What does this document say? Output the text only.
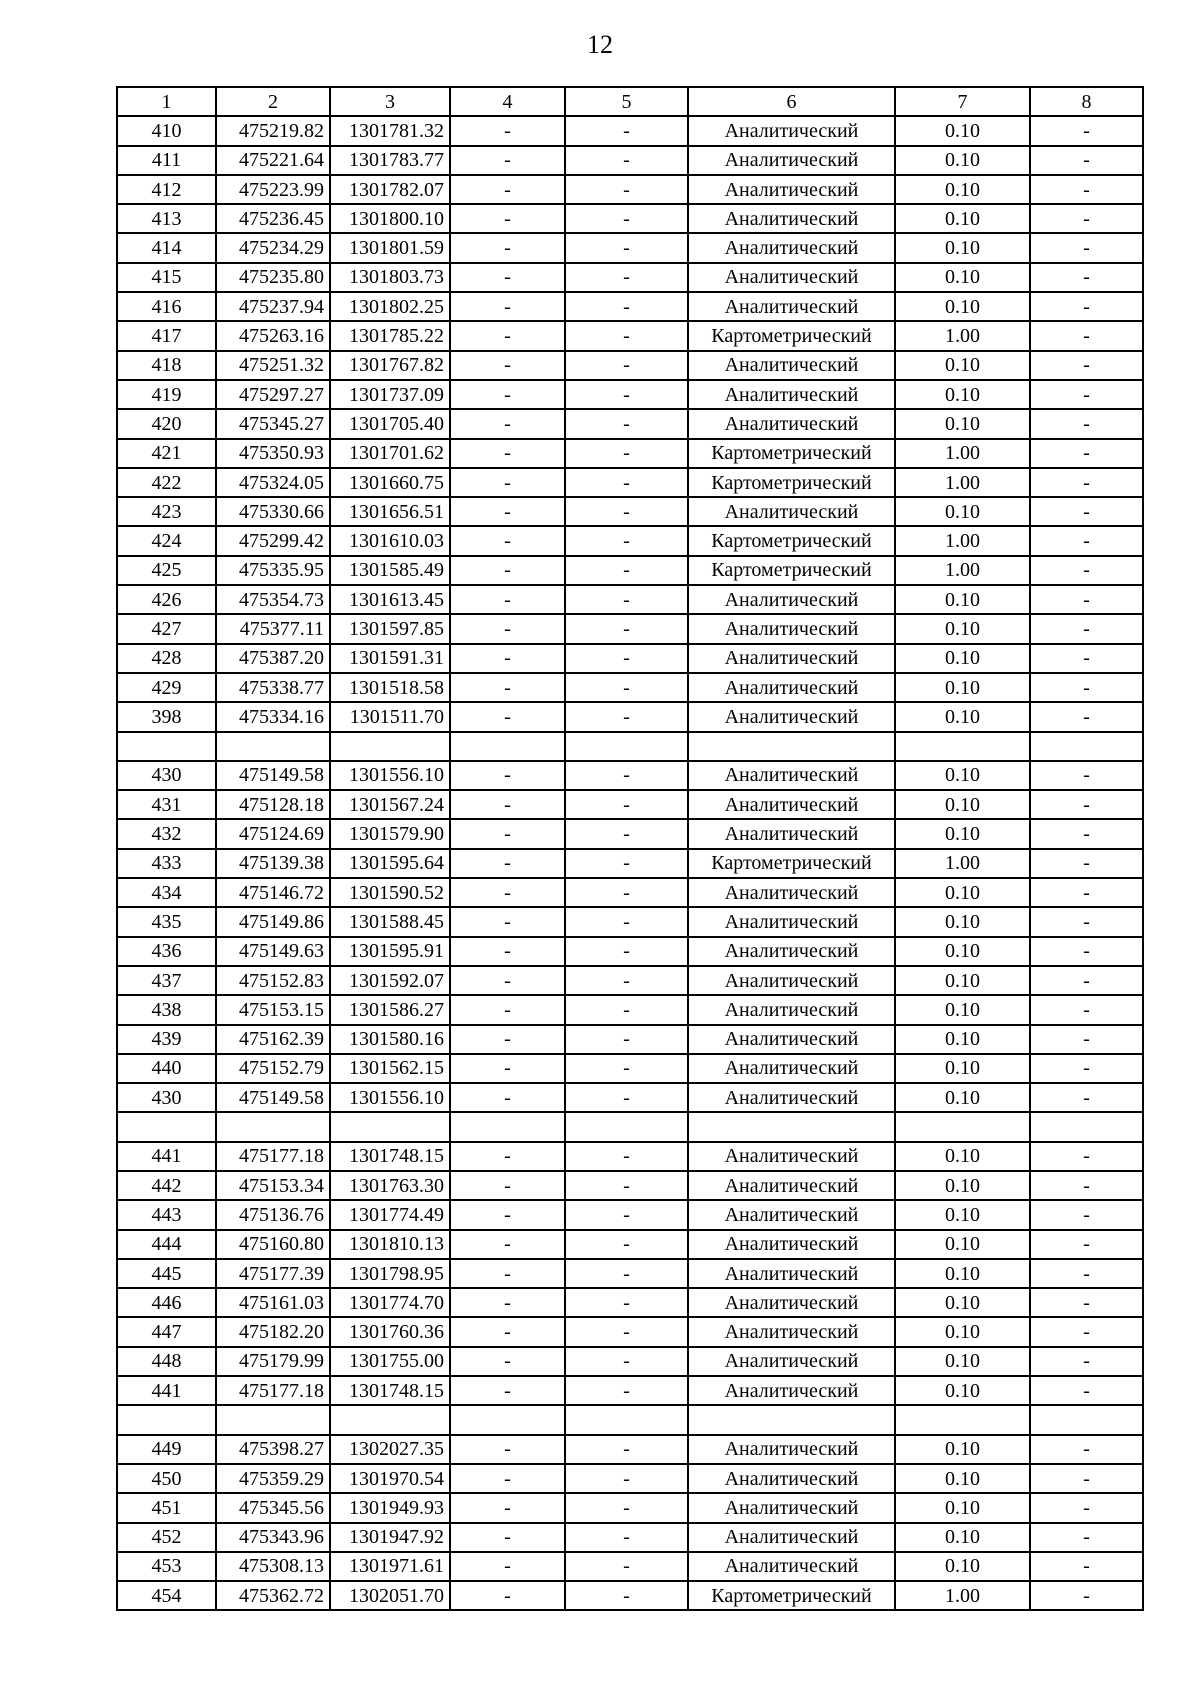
12
1	2	3	4	5	6	7	8
410	475219.82	1301781.32	-	-	Аналитический	0.10	-
411	475221.64	1301783.77	-	-	Аналитический	0.10	-
412	475223.99	1301782.07	-	-	Аналитический	0.10	-
413	475236.45	1301800.10	-	-	Аналитический	0.10	-
414	475234.29	1301801.59	-	-	Аналитический	0.10	-
415	475235.80	1301803.73	-	-	Аналитический	0.10	-
416	475237.94	1301802.25	-	-	Аналитический	0.10	-
417	475263.16	1301785.22	-	-	Картометрический	1.00	-
418	475251.32	1301767.82	-	-	Аналитический	0.10	-
419	475297.27	1301737.09	-	-	Аналитический	0.10	-
420	475345.27	1301705.40	-	-	Аналитический	0.10	-
421	475350.93	1301701.62	-	-	Картометрический	1.00	-
422	475324.05	1301660.75	-	-	Картометрический	1.00	-
423	475330.66	1301656.51	-	-	Аналитический	0.10	-
424	475299.42	1301610.03	-	-	Картометрический	1.00	-
425	475335.95	1301585.49	-	-	Картометрический	1.00	-
426	475354.73	1301613.45	-	-	Аналитический	0.10	-
427	475377.11	1301597.85	-	-	Аналитический	0.10	-
428	475387.20	1301591.31	-	-	Аналитический	0.10	-
429	475338.77	1301518.58	-	-	Аналитический	0.10	-
398	475334.16	1301511.70	-	-	Аналитический	0.10	-

430	475149.58	1301556.10	-	-	Аналитический	0.10	-
431	475128.18	1301567.24	-	-	Аналитический	0.10	-
432	475124.69	1301579.90	-	-	Аналитический	0.10	-
433	475139.38	1301595.64	-	-	Картометрический	1.00	-
434	475146.72	1301590.52	-	-	Аналитический	0.10	-
435	475149.86	1301588.45	-	-	Аналитический	0.10	-
436	475149.63	1301595.91	-	-	Аналитический	0.10	-
437	475152.83	1301592.07	-	-	Аналитический	0.10	-
438	475153.15	1301586.27	-	-	Аналитический	0.10	-
439	475162.39	1301580.16	-	-	Аналитический	0.10	-
440	475152.79	1301562.15	-	-	Аналитический	0.10	-
430	475149.58	1301556.10	-	-	Аналитический	0.10	-

441	475177.18	1301748.15	-	-	Аналитический	0.10	-
442	475153.34	1301763.30	-	-	Аналитический	0.10	-
443	475136.76	1301774.49	-	-	Аналитический	0.10	-
444	475160.80	1301810.13	-	-	Аналитический	0.10	-
445	475177.39	1301798.95	-	-	Аналитический	0.10	-
446	475161.03	1301774.70	-	-	Аналитический	0.10	-
447	475182.20	1301760.36	-	-	Аналитический	0.10	-
448	475179.99	1301755.00	-	-	Аналитический	0.10	-
441	475177.18	1301748.15	-	-	Аналитический	0.10	-

449	475398.27	1302027.35	-	-	Аналитический	0.10	-
450	475359.29	1301970.54	-	-	Аналитический	0.10	-
451	475345.56	1301949.93	-	-	Аналитический	0.10	-
452	475343.96	1301947.92	-	-	Аналитический	0.10	-
453	475308.13	1301971.61	-	-	Аналитический	0.10	-
454	475362.72	1302051.70	-	-	Картометрический	1.00	-
